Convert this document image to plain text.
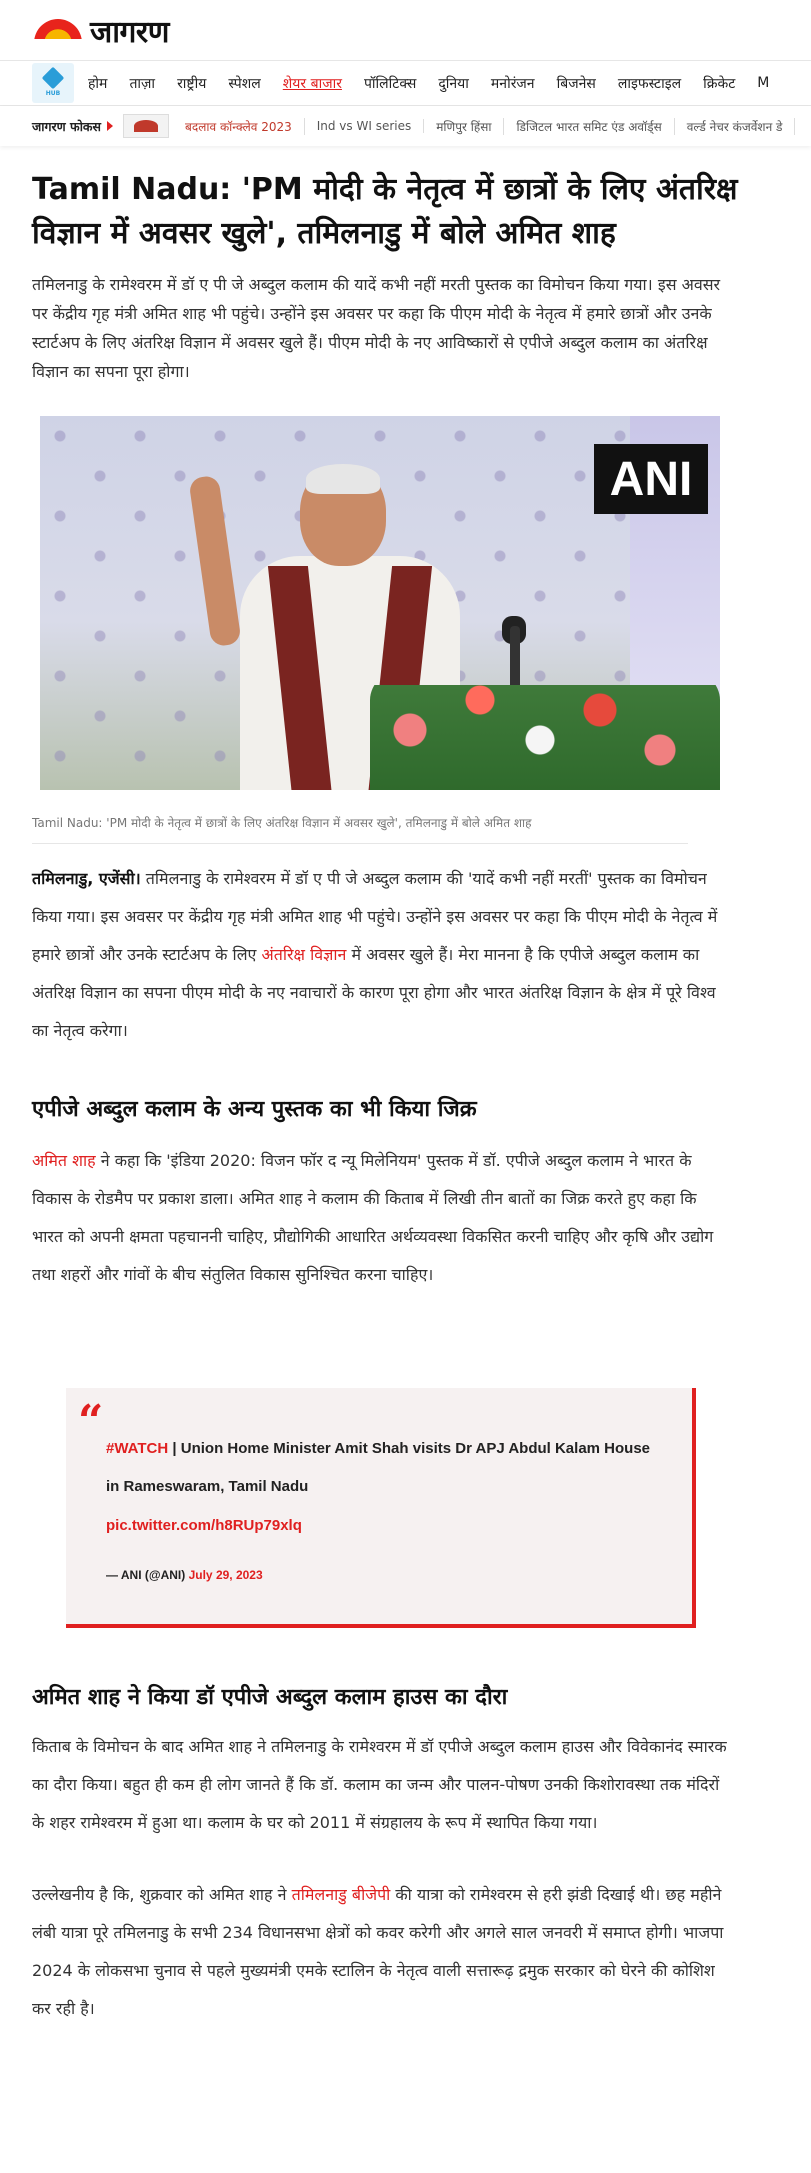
जागरण
HUB
होम ताज़ा राष्ट्रीय स्पेशल शेयर बाजार पॉलिटिक्स दुनिया मनोरंजन बिजनेस लाइफस्टाइल क्रिकेट M
जागरण फोकस	बदलाव कॉन्क्लेव 2023	Ind vs WI series	मणिपुर हिंसा	डिजिटल भारत समिट एंड अवॉर्ड्स	वर्ल्ड नेचर कंजर्वेशन डे
Tamil Nadu: 'PM मोदी के नेतृत्व में छात्रों के लिए अंतरिक्ष विज्ञान में अवसर खुले', तमिलनाडु में बोले अमित शाह

तमिलनाडु के रामेश्वरम में डॉ ए पी जे अब्दुल कलाम की यादें कभी नहीं मरती पुस्तक का विमोचन किया गया। इस अवसर पर केंद्रीय गृह मंत्री अमित शाह भी पहुंचे। उन्होंने इस अवसर पर कहा कि पीएम मोदी के नेतृत्व में हमारे छात्रों और उनके स्टार्टअप के लिए अंतरिक्ष विज्ञान में अवसर खुले हैं। पीएम मोदी के नए आविष्कारों से एपीजे अब्दुल कलाम का अंतरिक्ष विज्ञान का सपना पूरा होगा।

ANI

Tamil Nadu: 'PM मोदी के नेतृत्व में छात्रों के लिए अंतरिक्ष विज्ञान में अवसर खुले', तमिलनाडु में बोले अमित शाह

तमिलनाडु, एजेंसी। तमिलनाडु के रामेश्वरम में डॉ ए पी जे अब्दुल कलाम की 'यादें कभी नहीं मरतीं' पुस्तक का विमोचन किया गया। इस अवसर पर केंद्रीय गृह मंत्री अमित शाह भी पहुंचे। उन्होंने इस अवसर पर कहा कि पीएम मोदी के नेतृत्व में हमारे छात्रों और उनके स्टार्टअप के लिए अंतरिक्ष विज्ञान में अवसर खुले हैं। मेरा मानना है कि एपीजे अब्दुल कलाम का अंतरिक्ष विज्ञान का सपना पीएम मोदी के नए नवाचारों के कारण पूरा होगा और भारत अंतरिक्ष विज्ञान के क्षेत्र में पूरे विश्व का नेतृत्व करेगा।

एपीजे अब्दुल कलाम के अन्य पुस्तक का भी किया जिक्र

अमित शाह ने कहा कि 'इंडिया 2020: विजन फॉर द न्यू मिलेनियम' पुस्तक में डॉ. एपीजे अब्दुल कलाम ने भारत के विकास के रोडमैप पर प्रकाश डाला। अमित शाह ने कलाम की किताब में लिखी तीन बातों का जिक्र करते हुए कहा कि भारत को अपनी क्षमता पहचाननी चाहिए, प्रौद्योगिकी आधारित अर्थव्यवस्था विकसित करनी चाहिए और कृषि और उद्योग तथा शहरों और गांवों के बीच संतुलित विकास सुनिश्चित करना चाहिए।

“

#WATCH | Union Home Minister Amit Shah visits Dr APJ Abdul Kalam House in Rameswaram, Tamil Nadu

pic.twitter.com/h8RUp79xlq

— ANI (@ANI) July 29, 2023

अमित शाह ने किया डॉ एपीजे अब्दुल कलाम हाउस का दौरा

किताब के विमोचन के बाद अमित शाह ने तमिलनाडु के रामेश्वरम में डॉ एपीजे अब्दुल कलाम हाउस और विवेकानंद स्मारक का दौरा किया। बहुत ही कम ही लोग जानते हैं कि डॉ. कलाम का जन्म और पालन-पोषण उनकी किशोरावस्था तक मंदिरों के शहर रामेश्वरम में हुआ था। कलाम के घर को 2011 में संग्रहालय के रूप में स्थापित किया गया।

उल्लेखनीय है कि, शुक्रवार को अमित शाह ने तमिलनाडु बीजेपी की यात्रा को रामेश्वरम से हरी झंडी दिखाई थी। छह महीने लंबी यात्रा पूरे तमिलनाडु के सभी 234 विधानसभा क्षेत्रों को कवर करेगी और अगले साल जनवरी में समाप्त होगी। भाजपा 2024 के लोकसभा चुनाव से पहले मुख्यमंत्री एमके स्टालिन के नेतृत्व वाली सत्तारूढ़ द्रमुक सरकार को घेरने की कोशिश कर रही है।
